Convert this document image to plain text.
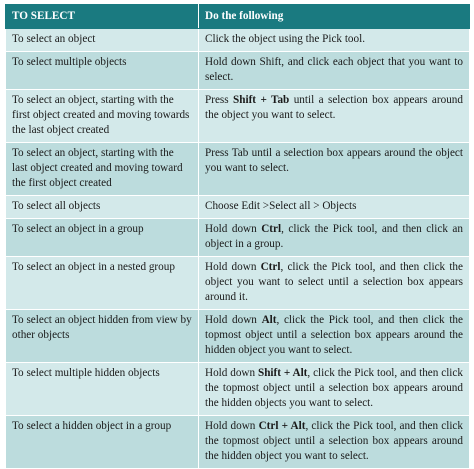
TO SELECT	Do the following
To select an object	Click the object using the Pick tool.
To select multiple objects	Hold down Shift, and click each object that you want to select.
To select an object, starting with the first object created and moving towards the last object created	Press Shift + Tab until a selection box appears around the object you want to select.
To select an object, starting with the last object created and moving toward the first object created	Press Tab until a selection box appears around the object you want to select.
To select all objects	Choose Edit >Select all > Objects
To select an object in a group	Hold down Ctrl, click the Pick tool, and then click an object in a group.
To select an object in a nested group	Hold down Ctrl, click the Pick tool, and then click the object you want to select until a selection box appears around it.
To select an object hidden from view by other objects	Hold down Alt, click the Pick tool, and then click the topmost object until a selection box appears around the hidden object you want to select.
To select multiple hidden objects	Hold down Shift + Alt, click the Pick tool, and then click the topmost object until a selection box appears around the hidden objects you want to select.
To select a hidden object in a group	Hold down Ctrl + Alt, click the Pick tool, and then click the topmost object until a selection box appears around the hidden object you want to select.
